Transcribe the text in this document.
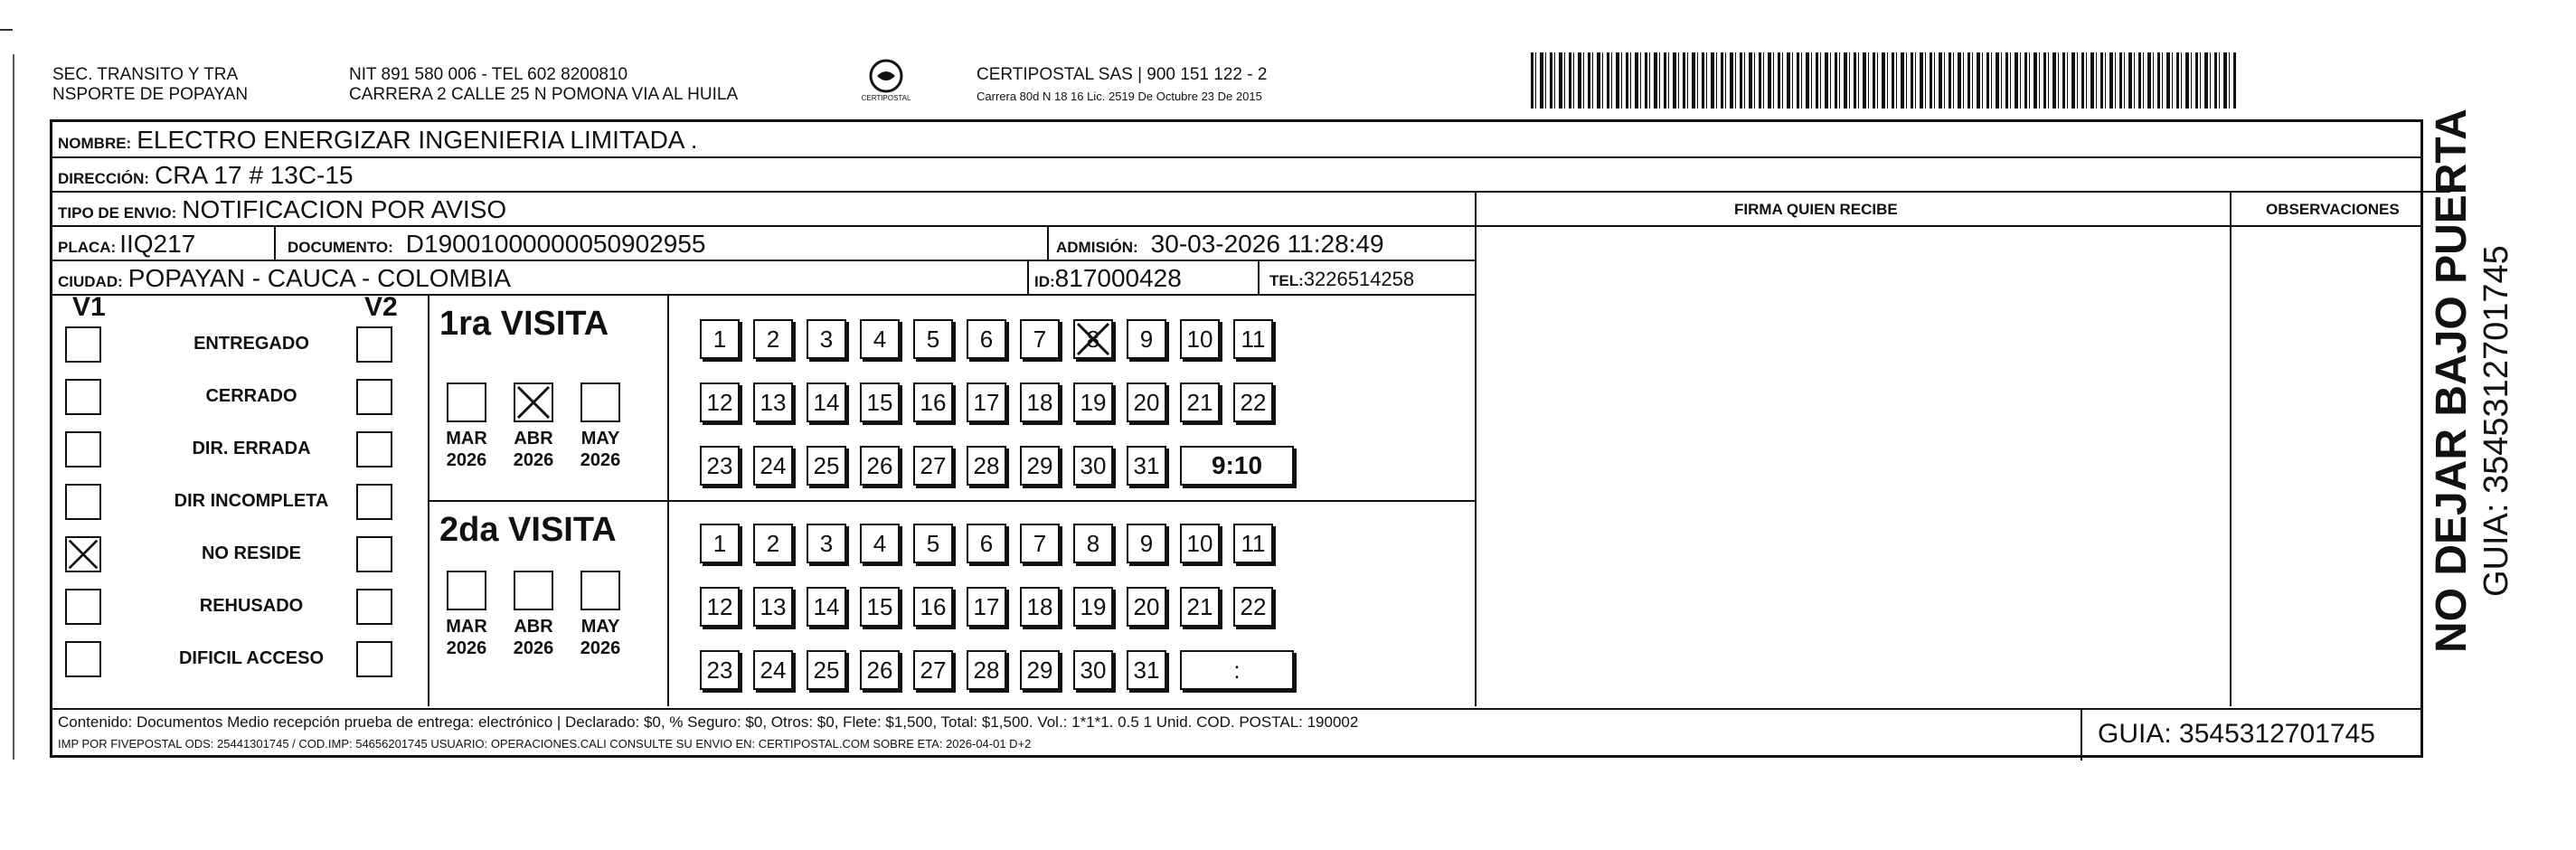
SEC. TRANSITO Y TRA
NSPORTE DE POPAYAN
NIT 891 580 006 - TEL 602 8200810
CARRERA 2 CALLE 25 N POMONA VIA AL HUILA	CERTIPOSTAL
CERTIPOSTAL SAS | 900 151 122 - 2
Carrera 80d N 18 16 Lic. 2519 De Octubre 23 De 2015
NOMBRE: ELECTRO ENERGIZAR INGENIERIA LIMITADA .
DIRECCIÓN: CRA 17 # 13C-15
TIPO DE ENVIO: NOTIFICACION POR AVISO	FIRMA QUIEN RECIBE	OBSERVACIONES
PLACA: IIQ217	DOCUMENTO: D19001000000050902955	ADMISIÓN: 30-03-2026 11:28:49
CIUDAD: POPAYAN - CAUCA - COLOMBIA	ID:817000428	TEL:3226514258
V1	V2
ENTREGADO
CERRADO
DIR. ERRADA
DIR INCOMPLETA
NO RESIDE
REHUSADO
DIFICIL ACCESO
1ra VISITA
2da VISITA
MAR
2026
ABR
2026
MAY
2026
MAR
2026
ABR
2026
MAY
2026
1	2	3	4	5	6	7	8	9	10	11
12 13 14 15 16 17 18 19 20 21 22
23 24 25 26 27 28 29 30 31	9:10
1	2	3	4	5	6	7	8	9	10	11
12 13 14 15 16 17 18 19 20 21 22
23 24 25 26 27 28 29 30 31	:
Contenido: Documentos Medio recepción prueba de entrega: electrónico | Declarado: $0, % Seguro: $0, Otros: $0, Flete: $1,500, Total: $1,500. Vol.: 1*1*1. 0.5 1 Unid. COD. POSTAL: 190002
IMP POR FIVEPOSTAL ODS: 25441301745 / COD.IMP: 54656201745 USUARIO: OPERACIONES.CALI CONSULTE SU ENVIO EN: CERTIPOSTAL.COM SOBRE ETA: 2026-04-01 D+2	GUIA: 3545312701745
NO DEJAR BAJO PUERTA GUIA: 3545312701745
